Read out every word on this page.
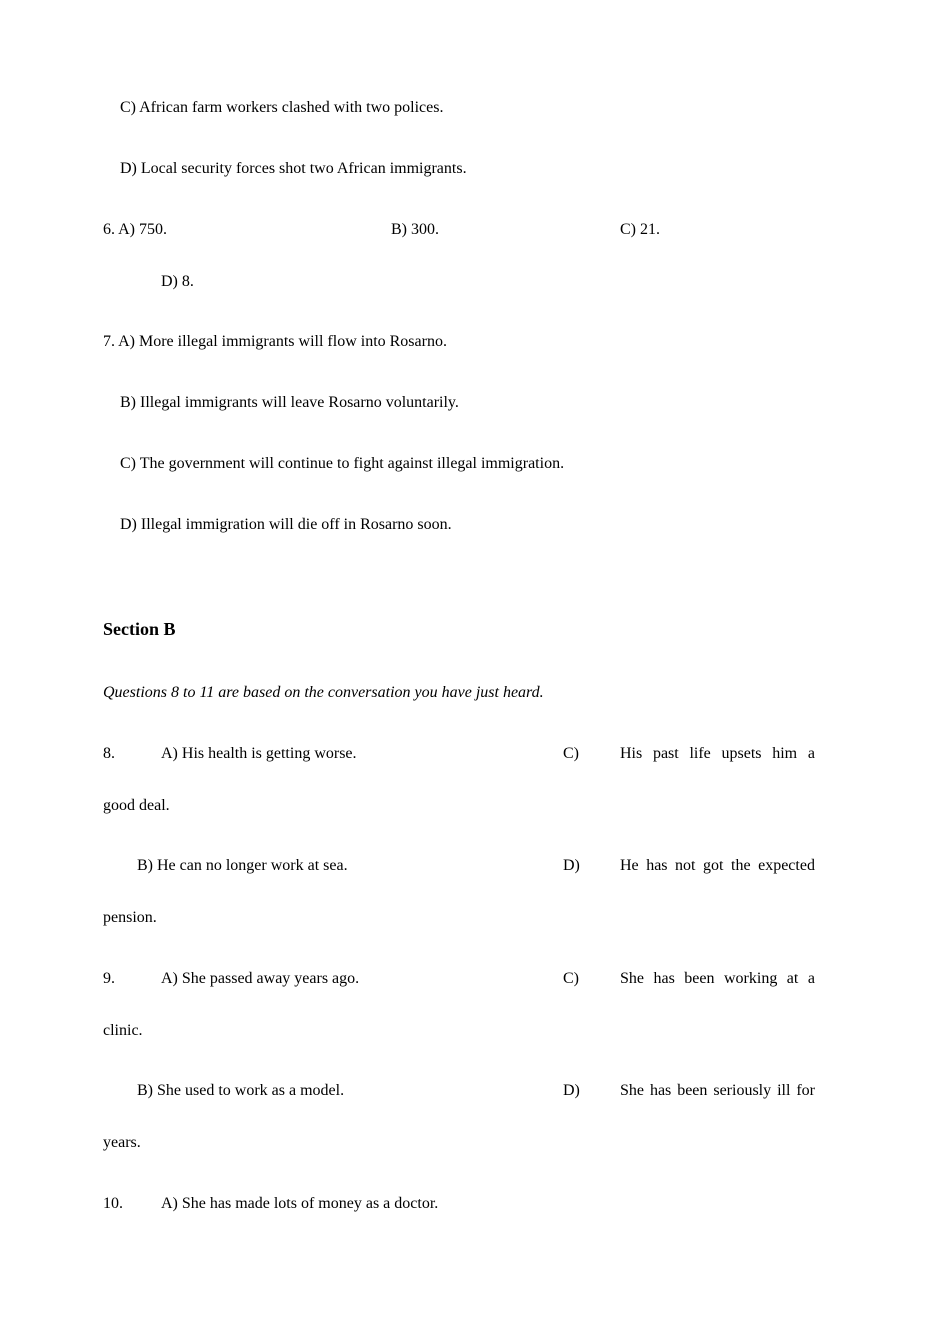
C) African farm workers clashed with two polices.
D) Local security forces shot two African immigrants.
6. A) 750.	B) 300.	C) 21.
D) 8.
7. A) More illegal immigrants will flow into Rosarno.
B) Illegal immigrants will leave Rosarno voluntarily.
C) The government will continue to fight against illegal immigration.
D) Illegal immigration will die off in Rosarno soon.
Section B
Questions 8 to 11 are based on the conversation you have just heard.
8.	A) His health is getting worse.	C)	His past life upsets him a
good deal.
B) He can no longer work at sea.	D)	He has not got the expected
pension.
9.	A) She passed away years ago.	C)	She has been working at a
clinic.
B) She used to work as a model.	D)	She has been seriously ill for
years.
10. A) She has made lots of money as a doctor.
